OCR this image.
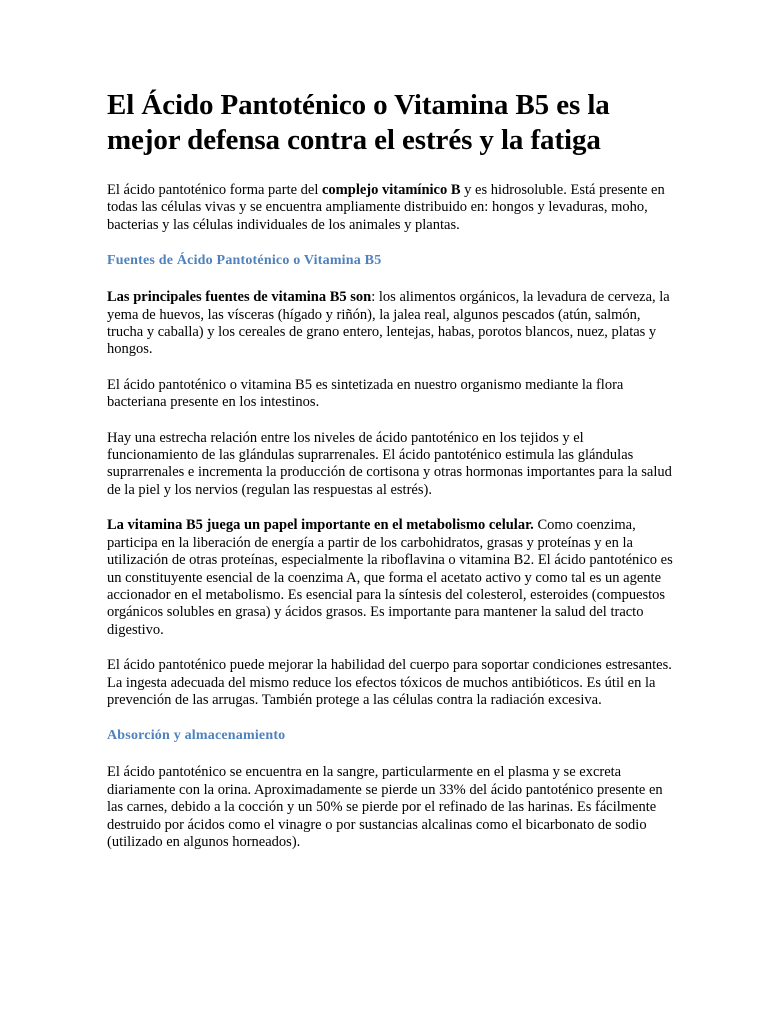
El Ácido Pantoténico o Vitamina B5 es la mejor defensa contra el estrés y la fatiga

El ácido pantoténico forma parte del complejo vitamínico B y es hidrosoluble. Está presente en todas las células vivas y se encuentra ampliamente distribuido en: hongos y levaduras, moho, bacterias y las células individuales de los animales y plantas.

Fuentes de Ácido Pantoténico o Vitamina B5

Las principales fuentes de vitamina B5 son: los alimentos orgánicos, la levadura de cerveza, la yema de huevos, las vísceras (hígado y riñón), la jalea real, algunos pescados (atún, salmón, trucha y caballa) y los cereales de grano entero, lentejas, habas, porotos blancos, nuez, platas y hongos.

El ácido pantoténico o vitamina B5 es sintetizada en nuestro organismo mediante la flora bacteriana presente en los intestinos.

Hay una estrecha relación entre los niveles de ácido pantoténico en los tejidos y el funcionamiento de las glándulas suprarrenales. El ácido pantoténico estimula las glándulas suprarrenales e incrementa la producción de cortisona y otras hormonas importantes para la salud de la piel y los nervios (regulan las respuestas al estrés).

La vitamina B5 juega un papel importante en el metabolismo celular. Como coenzima, participa en la liberación de energía a partir de los carbohidratos, grasas y proteínas y en la utilización de otras proteínas, especialmente la riboflavina o vitamina B2. El ácido pantoténico es un constituyente esencial de la coenzima A, que forma el acetato activo y como tal es un agente accionador en el metabolismo. Es esencial para la síntesis del colesterol, esteroides (compuestos orgánicos solubles en grasa) y ácidos grasos. Es importante para mantener la salud del tracto digestivo.

El ácido pantoténico puede mejorar la habilidad del cuerpo para soportar condiciones estresantes. La ingesta adecuada del mismo reduce los efectos tóxicos de muchos antibióticos. Es útil en la prevención de las arrugas. También protege a las células contra la radiación excesiva.

Absorción y almacenamiento

El ácido pantoténico se encuentra en la sangre, particularmente en el plasma y se excreta diariamente con la orina. Aproximadamente se pierde un 33% del ácido pantoténico presente en las carnes, debido a la cocción y un 50% se pierde por el refinado de las harinas. Es fácilmente destruido por ácidos como el vinagre o por sustancias alcalinas como el bicarbonato de sodio (utilizado en algunos horneados).
